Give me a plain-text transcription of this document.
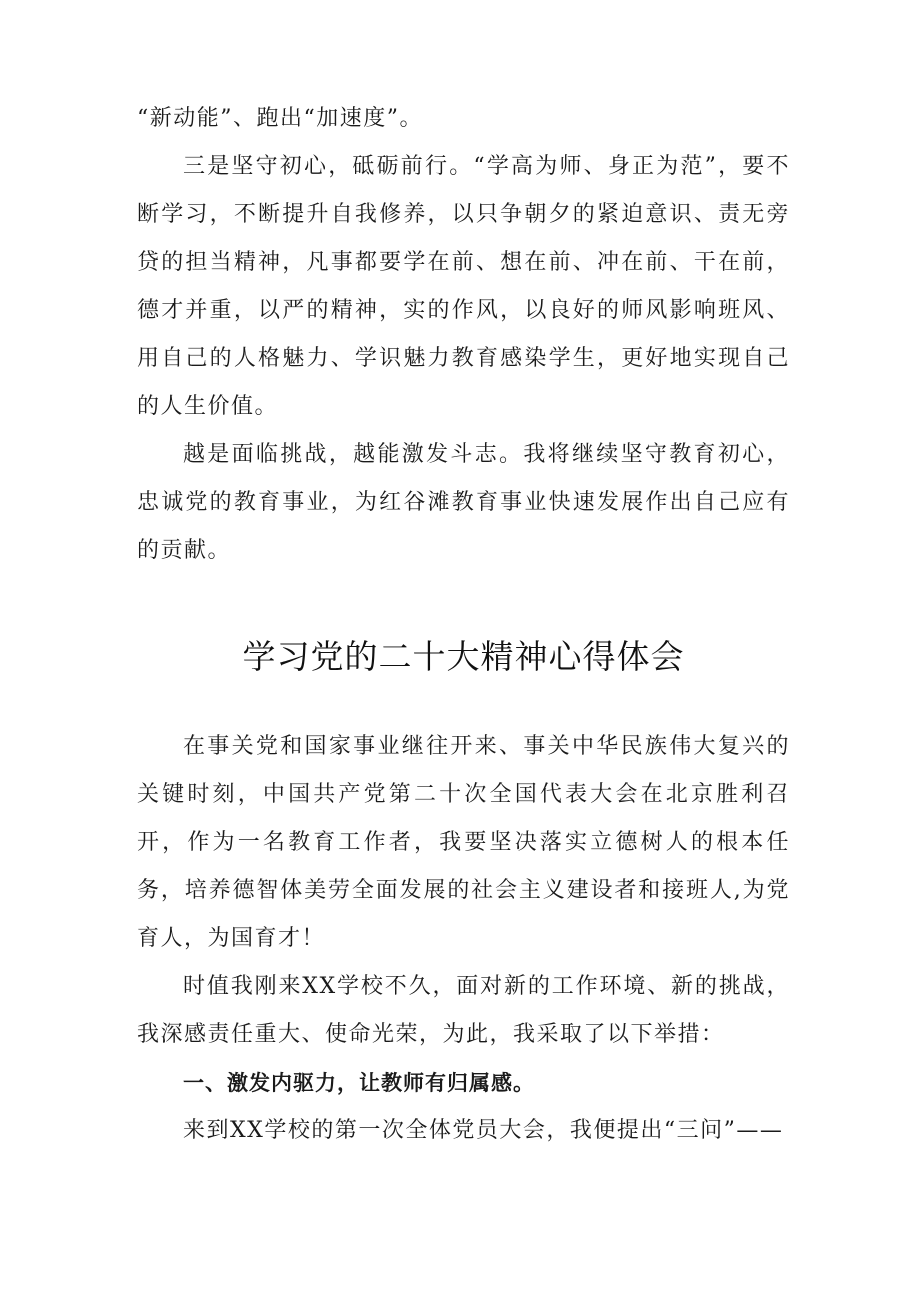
“新动能”、跑出“加速度”。

三是坚守初心，砥砺前行。“学高为师、身正为范”，要不断学习，不断提升自我修养，以只争朝夕的紧迫意识、责无旁贷的担当精神，凡事都要学在前、想在前、冲在前、干在前，德才并重，以严的精神，实的作风，以良好的师风影响班风、用自己的人格魅力、学识魅力教育感染学生，更好地实现自己的人生价值。

越是面临挑战，越能激发斗志。我将继续坚守教育初心，忠诚党的教育事业，为红谷滩教育事业快速发展作出自己应有的贡献。

学习党的二十大精神心得体会

在事关党和国家事业继往开来、事关中华民族伟大复兴的关键时刻，中国共产党第二十次全国代表大会在北京胜利召开，作为一名教育工作者，我要坚决落实立德树人的根本任务，培养德智体美劳全面发展的社会主义建设者和接班人,为党育人，为国育才！

时值我刚来XX学校不久，面对新的工作环境、新的挑战，我深感责任重大、使命光荣，为此，我采取了以下举措：

一、激发内驱力，让教师有归属感。

来到XX学校的第一次全体党员大会，我便提出“三问”——
